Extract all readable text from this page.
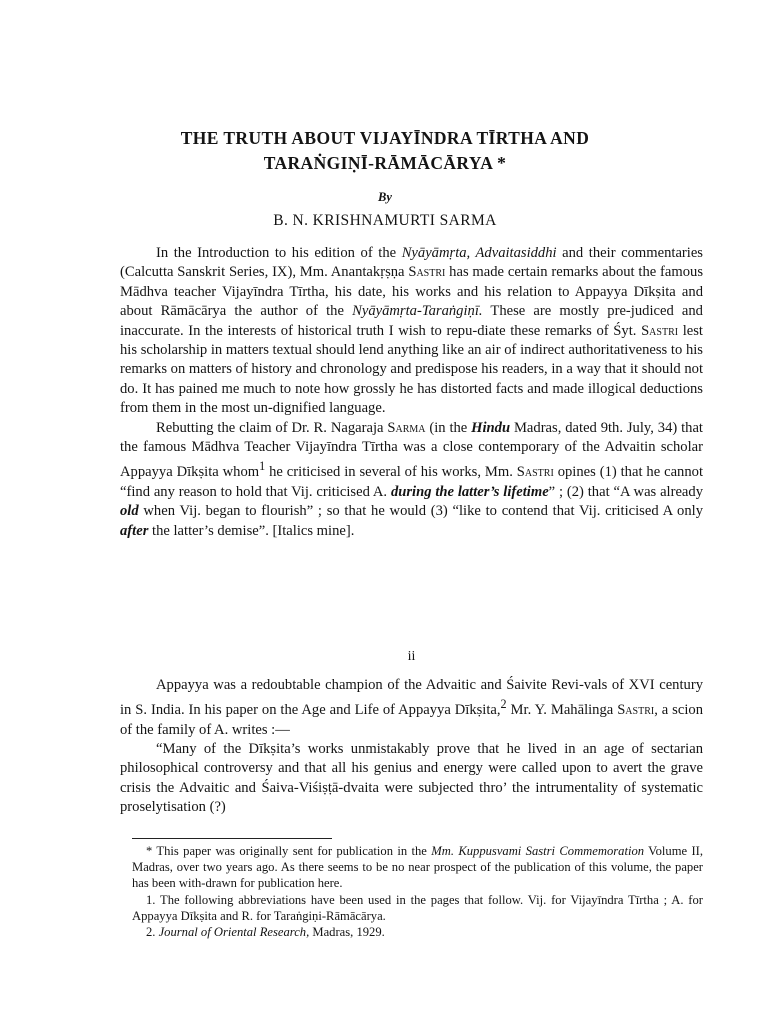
THE TRUTH ABOUT VIJAYĪNDRA TĪRTHA AND
TARAṄGIṆĪ-RĀMĀCĀRYA *
By
B. N. KRISHNAMURTI SARMA

In the Introduction to his edition of the Nyāyāmṛta, Advaitasiddhi and their commentaries (Calcutta Sanskrit Series, IX), Mm. Anantakṛṣṇa Sastri has made certain remarks about the famous Mādhva teacher Vijayīndra Tīrtha, his date, his works and his relation to Appayya Dīkṣita and about Rāmācārya the author of the Nyāyāmṛta-Taraṅgiṇī. These are mostly pre-judiced and inaccurate. In the interests of historical truth I wish to repu-diate these remarks of Śyt. Sastri lest his scholarship in matters textual should lend anything like an air of indirect authoritativeness to his remarks on matters of history and chronology and predispose his readers, in a way that it should not do. It has pained me much to note how grossly he has distorted facts and made illogical deductions from them in the most un-dignified language.

Rebutting the claim of Dr. R. Nagaraja Sarma (in the Hindu Madras, dated 9th. July, 34) that the famous Mādhva Teacher Vijayīndra Tīrtha was a close contemporary of the Advaitin scholar Appayya Dīkṣita whom$^1$ he criticised in several of his works, Mm. Sastri opines (1) that he cannot “find any reason to hold that Vij. criticised A. during the latter’s lifetime” ; (2) that “A was already old when Vij. began to flourish” ; so that he would (3) “like to contend that Vij. criticised A only after the latter’s demise”. [Italics mine].

ii

Appayya was a redoubtable champion of the Advaitic and Śaivite Revi-vals of XVI century in S. India. In his paper on the Age and Life of Appayya Dīkṣita,$^2$ Mr. Y. Mahālinga Sastri, a scion of the family of A. writes :—

“Many of the Dīkṣita’s works unmistakably prove that he lived in an age of sectarian philosophical controversy and that all his genius and energy were called upon to avert the grave crisis the Advaitic and Śaiva-Viśiṣṭā-dvaita were subjected thro’ the intrumentality of systematic proselytisation (?)

* This paper was originally sent for publication in the Mm. Kuppusvami Sastri Commemoration Volume II, Madras, over two years ago. As there seems to be no near prospect of the publication of this volume, the paper has been with-drawn for publication here.

1. The following abbreviations have been used in the pages that follow. Vij. for Vijayīndra Tīrtha ; A. for Appayya Dīkṣita and R. for Taraṅgiṇi-Rāmācārya.

2. Journal of Oriental Research, Madras, 1929.
